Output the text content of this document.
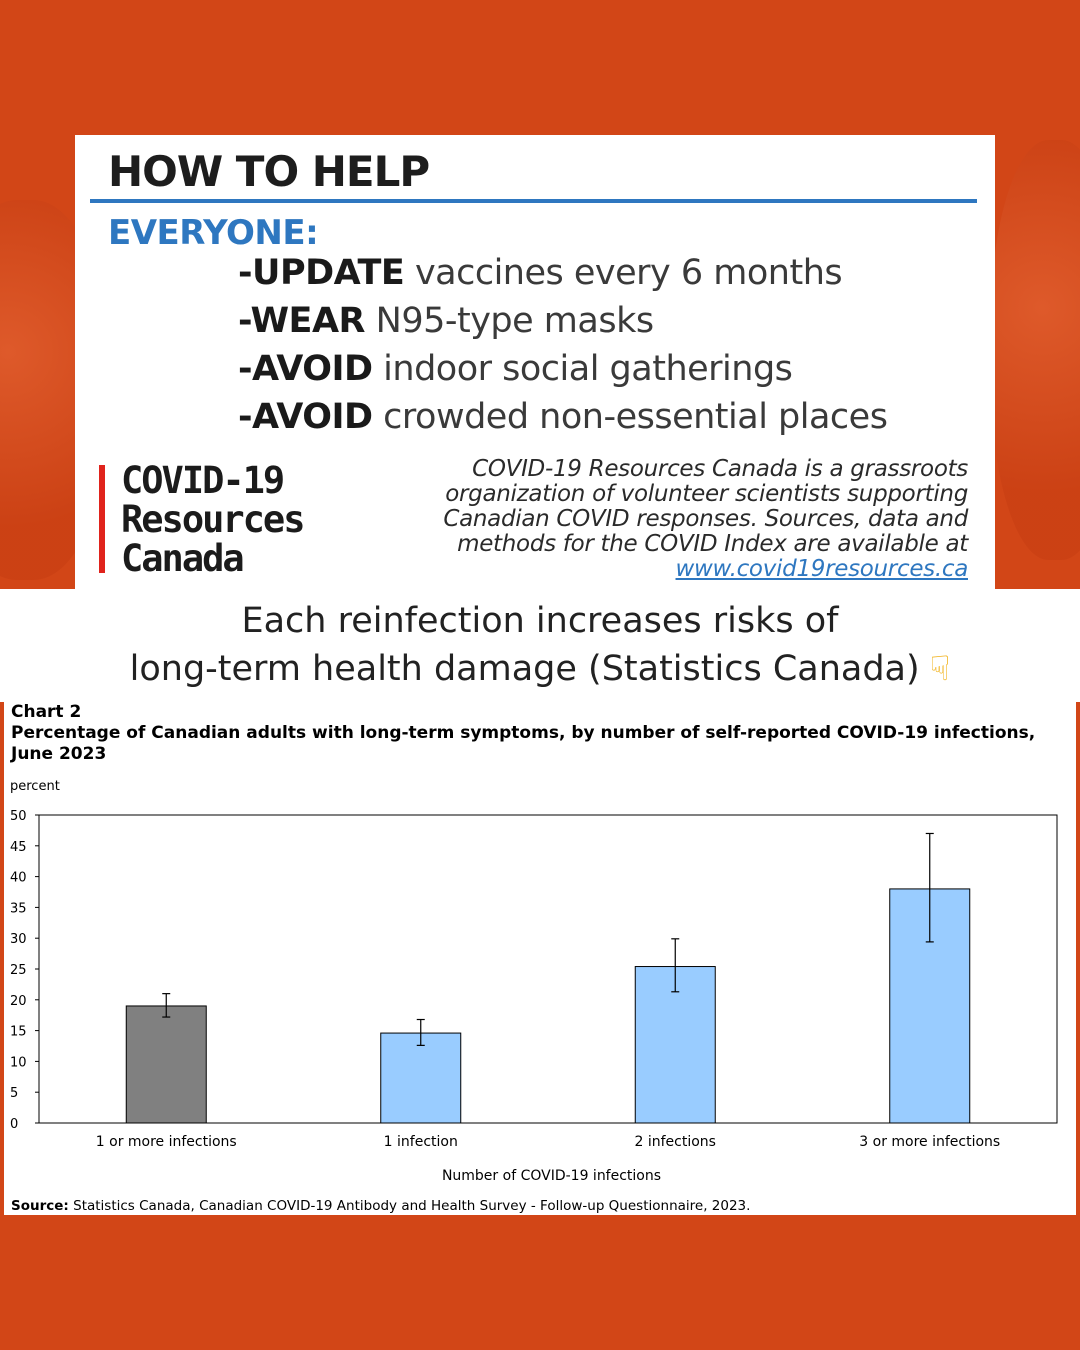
HOW TO HELP
EVERYONE:
-UPDATE vaccines every 6 months
-WEAR N95-type masks
-AVOID indoor social gatherings
-AVOID crowded non-essential places
COVID-19
Resources
Canada
COVID-19 Resources Canada is a grassroots organization of volunteer scientists supporting Canadian COVID responses. Sources, data and methods for the COVID Index are available at
www.covid19resources.ca
Each reinfection increases risks of
long-term health damage (Statistics Canada) ☟
Chart 2
Percentage of Canadian adults with long-term symptoms, by number of self-reported COVID-19 infections, June 2023
percent
0
5
10
15
20
25
30
35
40
45
50
1 or more infections	1 infection	2 infections	3 or more infections
Number of COVID-19 infections
Source: Statistics Canada, Canadian COVID-19 Antibody and Health Survey - Follow-up Questionnaire, 2023.
